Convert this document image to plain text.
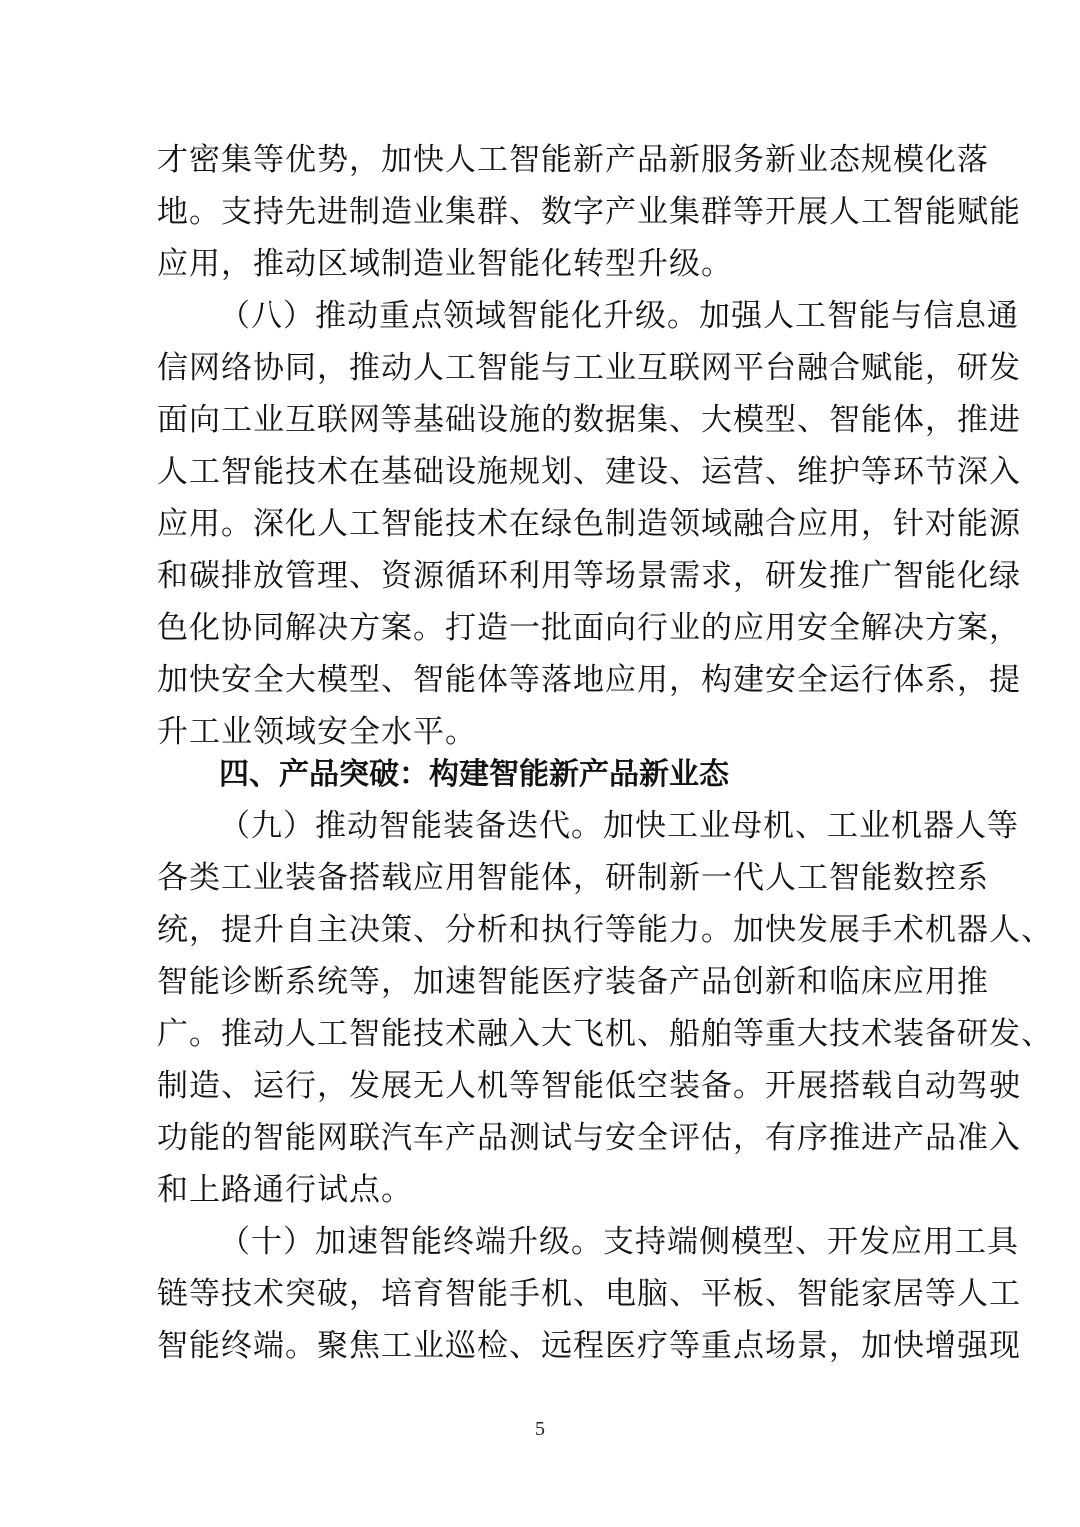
才密集等优势，加快人工智能新产品新服务新业态规模化落
地。支持先进制造业集群、数字产业集群等开展人工智能赋能
应用，推动区域制造业智能化转型升级。
（八）推动重点领域智能化升级。加强人工智能与信息通
信网络协同，推动人工智能与工业互联网平台融合赋能，研发
面向工业互联网等基础设施的数据集、大模型、智能体，推进
人工智能技术在基础设施规划、建设、运营、维护等环节深入
应用。深化人工智能技术在绿色制造领域融合应用，针对能源
和碳排放管理、资源循环利用等场景需求，研发推广智能化绿
色化协同解决方案。打造一批面向行业的应用安全解决方案，
加快安全大模型、智能体等落地应用，构建安全运行体系，提
升工业领域安全水平。
四、产品突破：构建智能新产品新业态
（九）推动智能装备迭代。加快工业母机、工业机器人等
各类工业装备搭载应用智能体，研制新一代人工智能数控系
统，提升自主决策、分析和执行等能力。加快发展手术机器人、
智能诊断系统等，加速智能医疗装备产品创新和临床应用推
广。推动人工智能技术融入大飞机、船舶等重大技术装备研发、
制造、运行，发展无人机等智能低空装备。开展搭载自动驾驶
功能的智能网联汽车产品测试与安全评估，有序推进产品准入
和上路通行试点。
（十）加速智能终端升级。支持端侧模型、开发应用工具
链等技术突破，培育智能手机、电脑、平板、智能家居等人工
智能终端。聚焦工业巡检、远程医疗等重点场景，加快增强现
5
